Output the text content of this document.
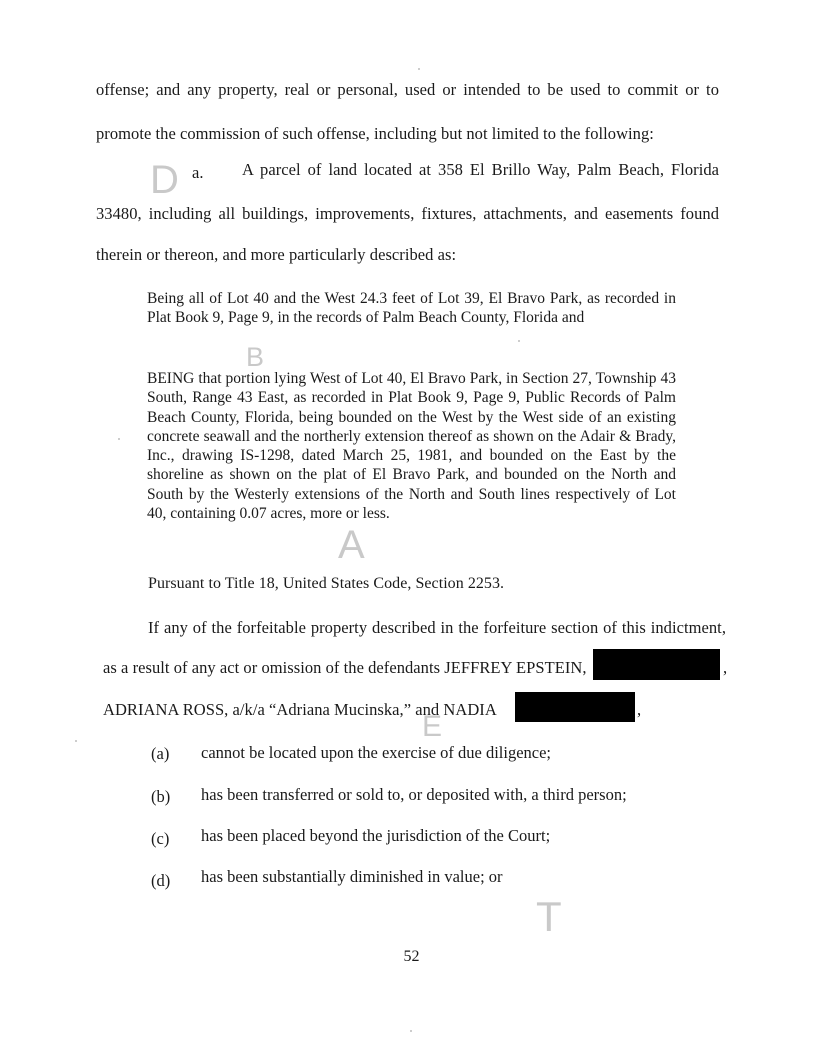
offense; and any property, real or personal, used or intended to be used to commit or to
promote the commission of such offense, including but not limited to the following:
D a. A parcel of land located at 358 El Brillo Way, Palm Beach, Florida
33480, including all buildings, improvements, fixtures, attachments, and easements found
therein or thereon, and more particularly described as:
Being all of Lot 40 and the West 24.3 feet of Lot 39, El Bravo Park, as recorded in Plat Book 9, Page 9, in the records of Palm Beach County, Florida and
B
BEING that portion lying West of Lot 40, El Bravo Park, in Section 27, Township 43 South, Range 43 East, as recorded in Plat Book 9, Page 9, Public Records of Palm Beach County, Florida, being bounded on the West by the West side of an existing concrete seawall and the northerly extension thereof as shown on the Adair & Brady, Inc., drawing IS-1298, dated March 25, 1981, and bounded on the East by the shoreline as shown on the plat of El Bravo Park, and bounded on the North and South by the Westerly extensions of the North and South lines respectively of Lot 40, containing 0.07 acres, more or less.
A
Pursuant to Title 18, United States Code, Section 2253.
If any of the forfeitable property described in the forfeiture section of this indictment,
as a result of any act or omission of the defendants JEFFREY EPSTEIN,	,
ADRIANA ROSS, a/k/a “Adriana Mucinska,” and NADIA	,
E
(a) cannot be located upon the exercise of due diligence;
(b) has been transferred or sold to, or deposited with, a third person;
(c) has been placed beyond the jurisdiction of the Court;
(d) has been substantially diminished in value; or
T
52
